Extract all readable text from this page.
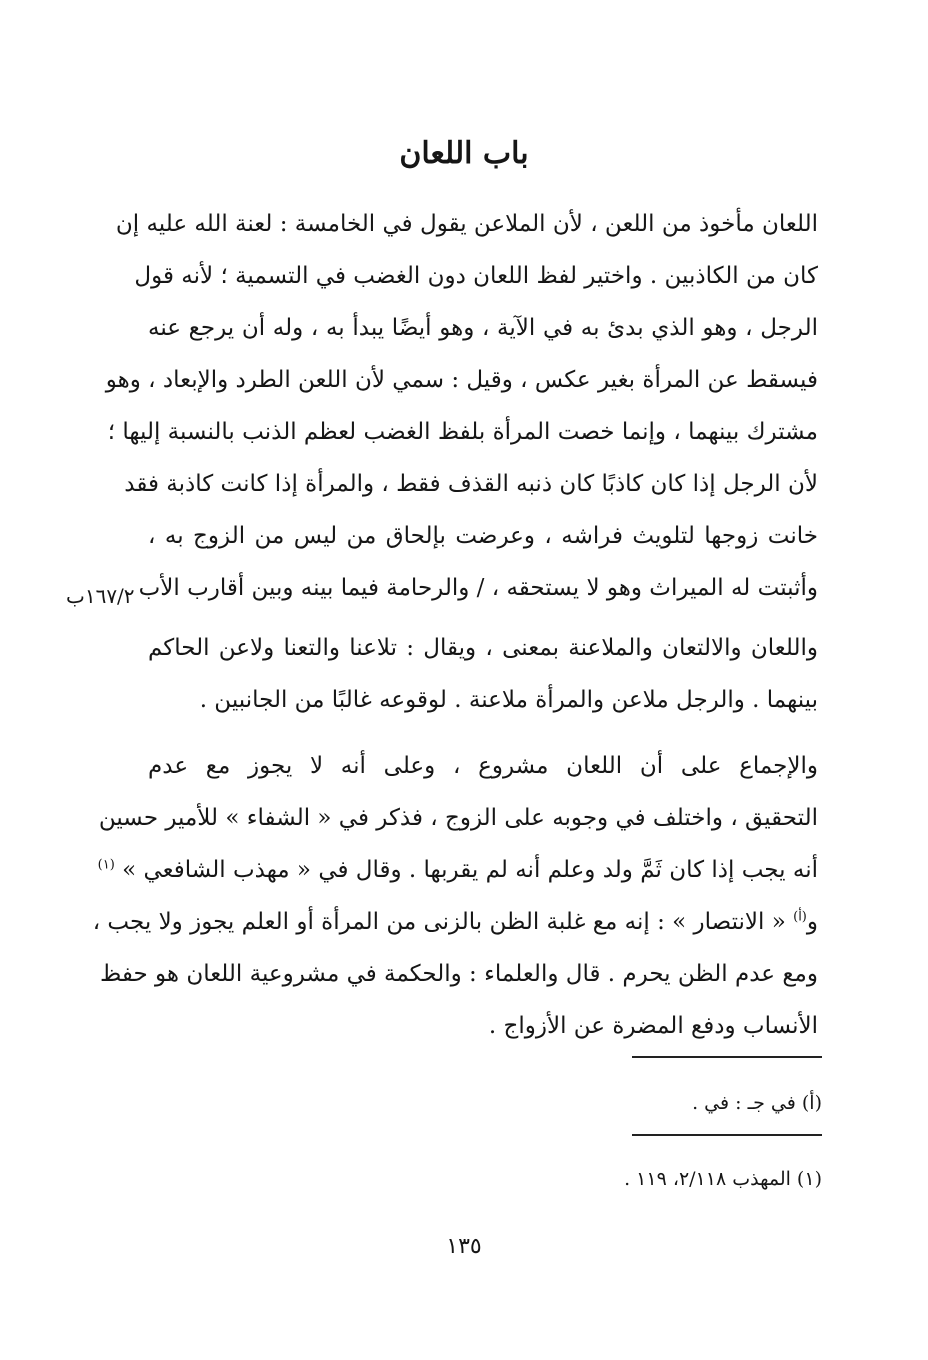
باب اللعان
اللعان مأخوذ من اللعن ، لأن الملاعن يقول في الخامسة : لعنة الله عليه إن
كان من الكاذبين . واختير لفظ اللعان دون الغضب في التسمية ؛ لأنه قول
الرجل ، وهو الذي بدئ به في الآية ، وهو أيضًا يبدأ به ، وله أن يرجع عنه
فيسقط عن المرأة بغير عكس ، وقيل : سمي لأن اللعن الطرد والإبعاد ، وهو
مشترك بينهما ، وإنما خصت المرأة بلفظ الغضب لعظم الذنب بالنسبة إليها ؛
لأن الرجل إذا كان كاذبًا كان ذنبه القذف فقط ، والمرأة إذا كانت كاذبة فقد
خانت زوجها لتلويث فراشه ، وعرضت بإلحاق من ليس من الزوج به ،
وأثبتت له الميراث وهو لا يستحقه ، / والرحامة فيما بينه وبين أقارب الأب .
١٦٧/٢ب
واللعان والالتعان والملاعنة بمعنى ، ويقال : تلاعنا والتعنا ولاعن الحاكم
بينهما . والرجل ملاعن والمرأة ملاعنة . لوقوعه غالبًا من الجانبين .
والإجماع على أن اللعان مشروع ، وعلى أنه لا يجوز مع عدم
التحقيق ، واختلف في وجوبه على الزوج ، فذكر في « الشفاء » للأمير حسين
أنه يجب إذا كان ثَمَّ ولد وعلم أنه لم يقربها . وقال في « مهذب الشافعي » $^{(١)}$
و$^{(أ)}$ « الانتصار » : إنه مع غلبة الظن بالزنى من المرأة أو العلم يجوز ولا يجب ،
ومع عدم الظن يحرم . قال والعلماء : والحكمة في مشروعية اللعان هو حفظ
الأنساب ودفع المضرة عن الأزواج .
(أ) في جـ : في .
(١) المهذب ٢/١١٨، ١١٩ .
١٣٥
